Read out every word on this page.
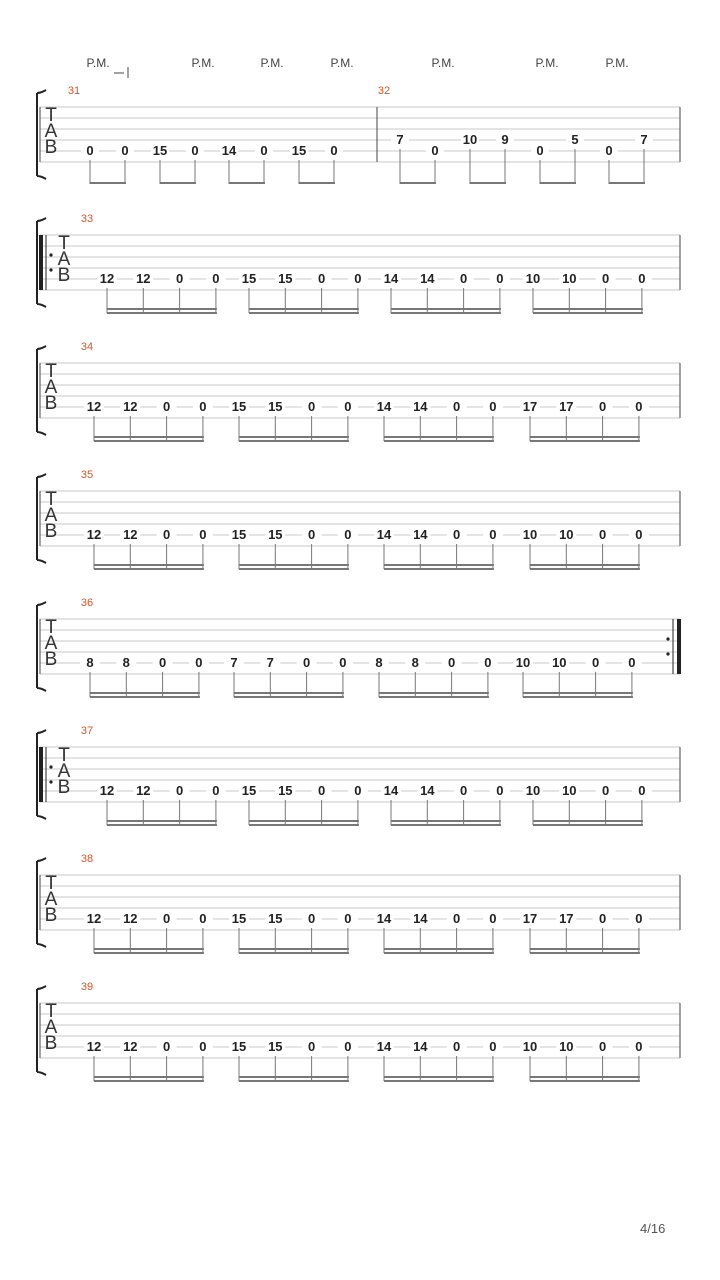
P.M.	P.M.	P.M.	P.M.	P.M.	P.M.	P.M.
T
A
B
31	32
0 0 15 0 14 0 15 0
7
0
10 9
0
5
0
7
T
A
B
33
12 12 0 0 15 15 0 0 14 14 0 0 10 10 0 0
T
A
B
34
12 12 0 0 15 15 0 0 14 14 0 0 17 17 0 0
T
A
B
35
12 12 0 0 15 15 0 0 14 14 0 0 10 10 0 0
T
A
B
36
8 8 0 0 7 7 0 0 8 8 0 0 10 10 0 0
T
A
B
37
12 12 0 0 15 15 0 0 14 14 0 0 10 10 0 0
T
A
B
38
12 12 0 0 15 15 0 0 14 14 0 0 17 17 0 0
T
A
B
39
12 12 0 0 15 15 0 0 14 14 0 0 10 10 0 0
4/16
